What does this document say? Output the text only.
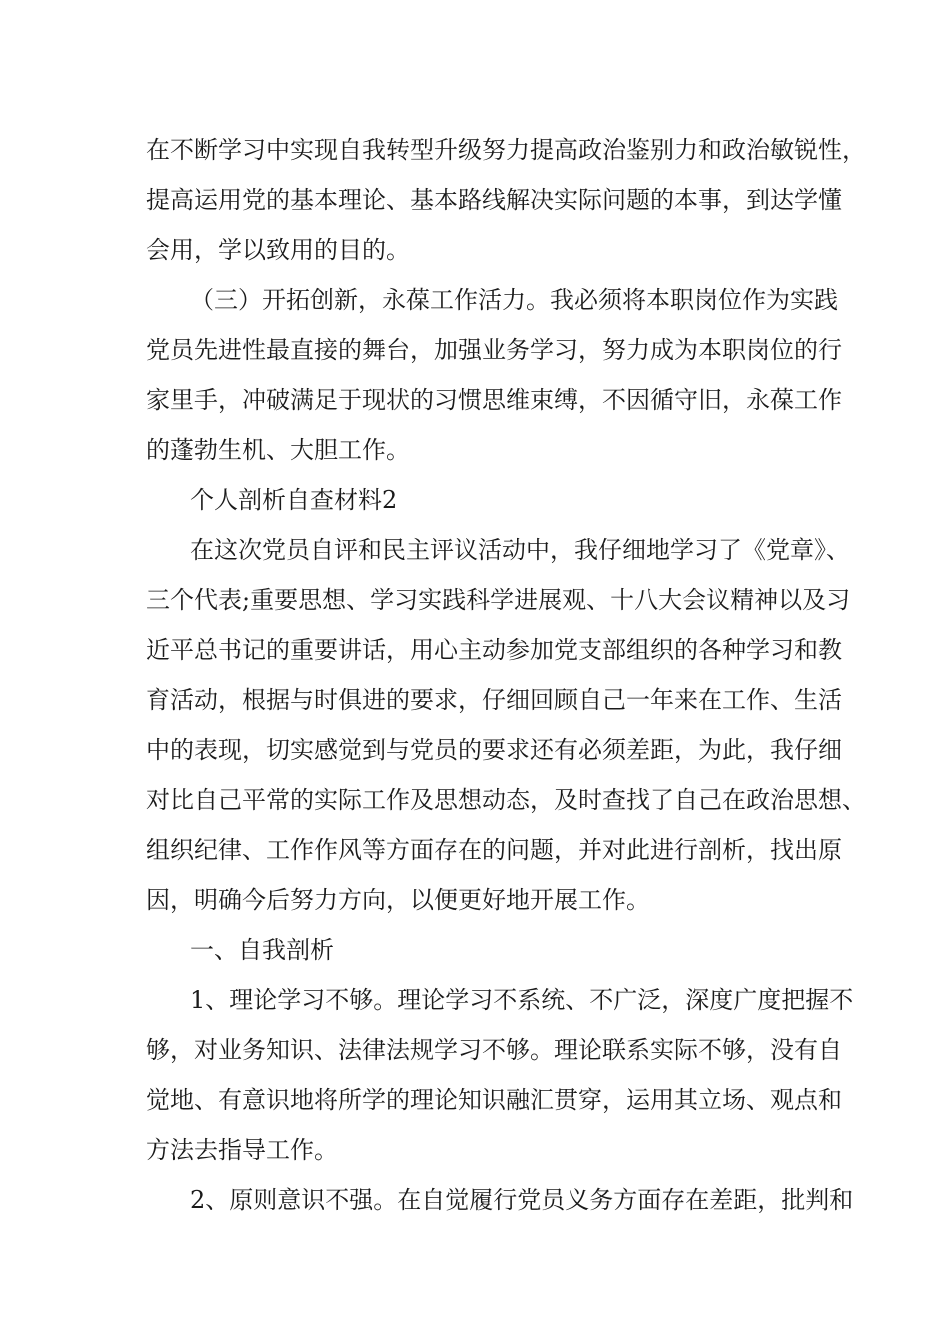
在不断学习中实现自我转型升级努力提高政治鉴别力和政治敏锐性，
提高运用党的基本理论、基本路线解决实际问题的本事，到达学懂
会用，学以致用的目的。
（三）开拓创新，永葆工作活力。我必须将本职岗位作为实践
党员先进性最直接的舞台，加强业务学习，努力成为本职岗位的行
家里手，冲破满足于现状的习惯思维束缚，不因循守旧，永葆工作
的蓬勃生机、大胆工作。
个人剖析自查材料2
在这次党员自评和民主评议活动中，我仔细地学习了《党章》、
三个代表;重要思想、学习实践科学进展观、十八大会议精神以及习
近平总书记的重要讲话，用心主动参加党支部组织的各种学习和教
育活动，根据与时俱进的要求，仔细回顾自己一年来在工作、生活
中的表现，切实感觉到与党员的要求还有必须差距，为此，我仔细
对比自己平常的实际工作及思想动态，及时查找了自己在政治思想、
组织纪律、工作作风等方面存在的问题，并对此进行剖析，找出原
因，明确今后努力方向，以便更好地开展工作。
一、自我剖析
1、理论学习不够。理论学习不系统、不广泛，深度广度把握不
够，对业务知识、法律法规学习不够。理论联系实际不够，没有自
觉地、有意识地将所学的理论知识融汇贯穿，运用其立场、观点和
方法去指导工作。
2、原则意识不强。在自觉履行党员义务方面存在差距，批判和
